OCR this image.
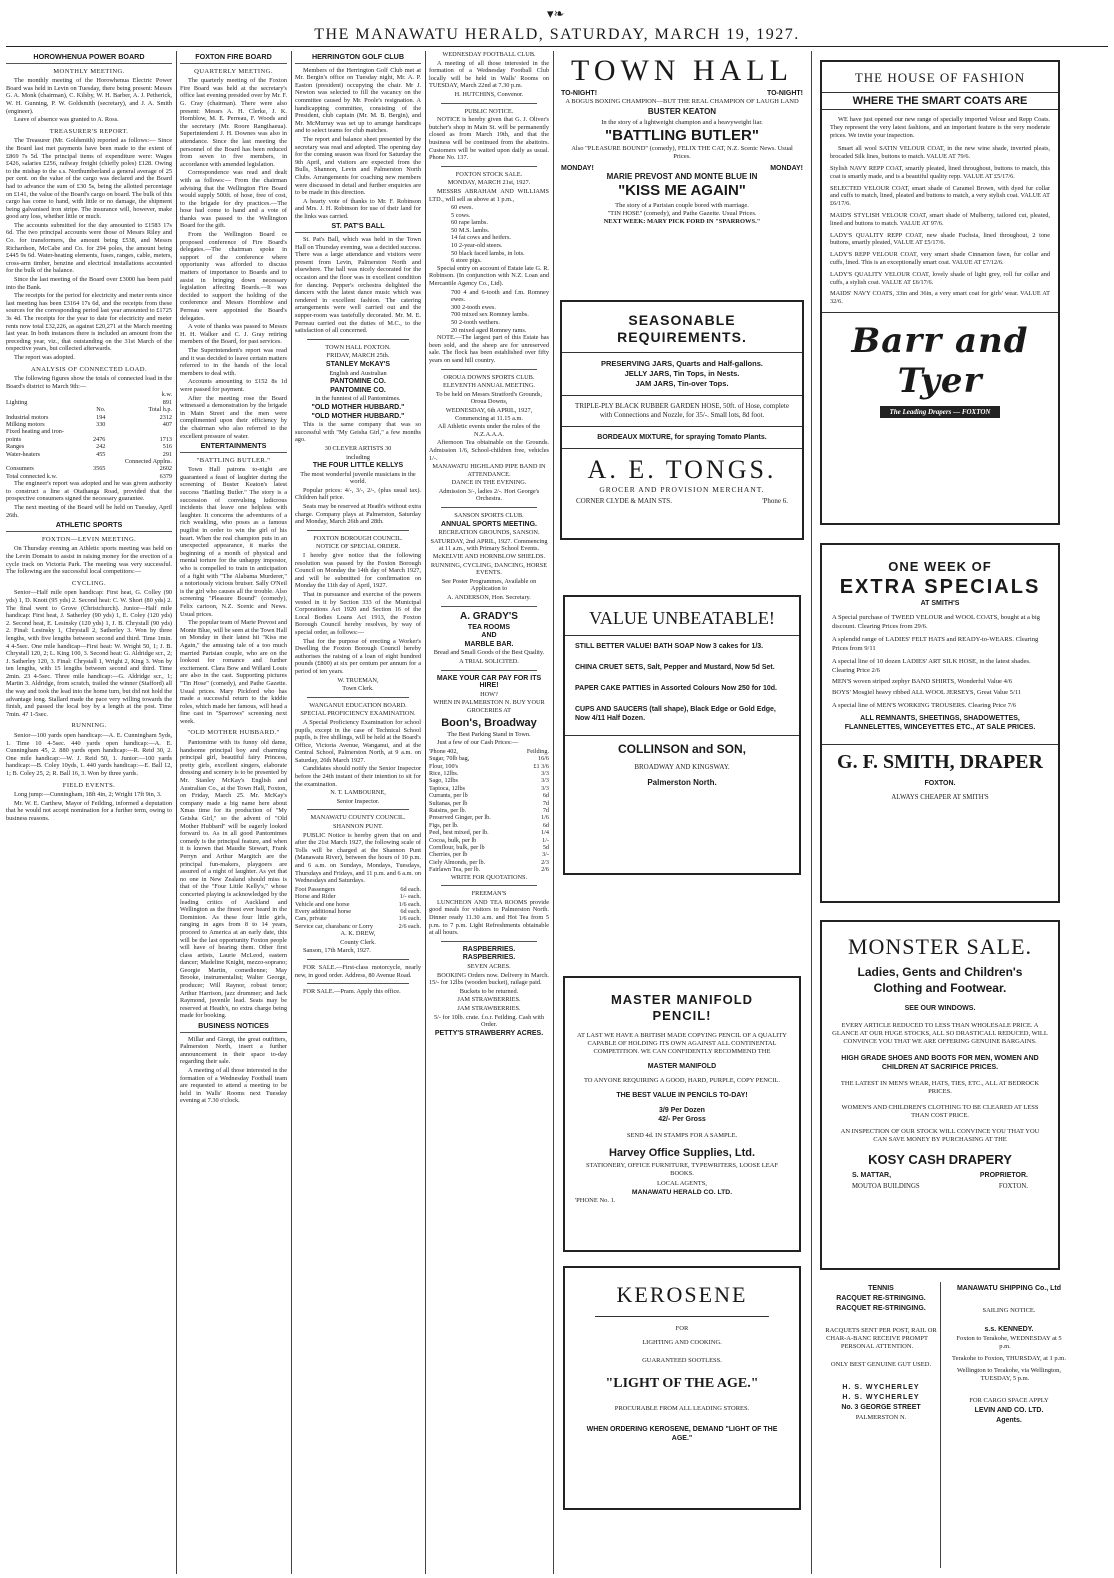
▾❧
THE MANAWATU HERALD, SATURDAY, MARCH 19, 1927.
HOROWHENUA POWER BOARD
MONTHLY MEETING.

The monthly meeting of the Horowhenua Electric Power Board was held in Levin on Tuesday, there being present: Messrs G. A. Monk (chairman), C. Kilsby, W. H. Barber, A. J. Petherick, W. H. Gunning, P. W. Goldsmith (secretary), and J. A. Smith (engineer).

Leave of absence was granted to A. Ross.

TREASURER'S REPORT.

The Treasurer (Mr. Goldsmith) reported as follows:— Since the Board last met payments have been made to the extent of £869 7s 5d. The principal items of expenditure were: Wages £426, salaries £256, railway freight (chiefly poles) £128. Owing to the mishap to the s.s. Northumberland a general average of 25 per cent. on the value of the cargo was declared and the Board had to advance the sum of £30 5s, being the allotted percentage on £141, the value of the Board's cargo on board. The bulk of this cargo has come to hand, with little or no damage, the shipment being galvanised iron stripe. The insurance will, however, make good any loss, whether little or much.

The accounts submitted for the day amounted to £1583 17s 6d. The two principal accounts were those of Messrs Riley and Co. for transformers, the amount being £538, and Messrs Richardson, McCabe and Co. for 294 poles, the amount being £445 9s 6d. Water-heating elements, fuses, ranges, cable, meters, cross-arm timber, benzine and electrical installations accounted for the bulk of the balance.

Since the last meeting of the Board over £3000 has been paid into the Bank.

The receipts for the period for electricity and meter rents since last meeting has been £3164 17s 6d, and the receipts from these sources for the corresponding period last year amounted to £1725 3s 4d. The receipts for the year to date for electricity and meter rents now total £32,226, as against £20,271 at the March meeting last year. In both instances there is included an amount from the preceding year, viz., that outstanding on the 31st March of the respective years, but collected afterwards.

The report was adopted.

ANALYSIS OF CONNECTED LOAD.

The following figures show the totals of connected load in the Board's district to March 9th:—

		k.w.
Lighting		891
	No.	Total h.p.
Industrial motors	194	2312
Milking motors	330	407
Fixed heating and iron-		
points	2476	1713
Ranges	242	516
Water-heaters	455	291
		Connected Applns.
Consumers	3565	2602
Total connected k.w.		6379

The engineer's report was adopted and he was given authority to construct a line at Otaihanga Road, provided that the prospective consumers signed the necessary guarantee.

The next meeting of the Board will be held on Tuesday, April 26th.

ATHLETIC SPORTS
FOXTON—LEVIN MEETING.

On Thursday evening an Athletic sports meeting was held on the Levin Domain to assist in raising money for the erection of a cycle track on Victoria Park. The meeting was very successful. The following are the successful local competitors:—

CYCLING.

Senior—Half mile open handicap: First heat, G. Colley (90 yds) 1, D. Knott (95 yds) 2. Second heat: C. W. Short (80 yds) 2. The final went to Grove (Christchurch). Junior—Half mile handicap: First heat, J. Satherley (90 yds) 1, E. Coley (120 yds) 2. Second heat, E. Lesinsky (120 yds) 1, J. B. Chrystall (90 yds) 2. Final: Lesinsky 1, Chrystall 2, Satherley 3. Won by three lengths, with five lengths between second and third. Time 1min. 4 4-5sec. One mile handicap—First heat: W. Wright 50, 1; J. B. Chrystall 120, 2; L. King 100, 3. Second heat: G. Aldridge scr., 2; J. Satherley 120, 3. Final: Chrystall 1, Wright 2, King 3. Won by ten lengths, with 15 lengths between second and third. Time 2min. 23 4-5sec. Three mile handicap:—G. Aldridge scr., 1; Martin 3. Aldridge, from scratch, trailed the winner (Stafford) all the way and took the lead into the home turn, but did not hold the advantage long. Stallard made the pace very willing towards the finish, and passed the local boy by a length at the post. Time 7min. 47 1-5sec.

RUNNING.

Senior—100 yards open handicap:—A. E. Cunningham 5yds, 1. Time 10 4-5sec. 440 yards open handicap:—A. E. Cunningham 45, 2. 880 yards open handicap:—R. Reid 30, 2. One mile handicap:—W. J. Reid 50, 1. Junior:—100 yards handicap:—B. Coley 10yds, 1. 440 yards handicap:—E. Ball 12, 1; B. Coley 25, 2; R. Ball 16, 3. Won by three yards.

FIELD EVENTS.

Long jump:—Cunningham, 18ft 4in, 2; Wright 17ft 9in, 3.

Mr. W. E. Carthew, Mayor of Feilding, informed a deputation that he would not accept nomination for a further term, owing to business reasons.

FOXTON FIRE BOARD
QUARTERLY MEETING.

The quarterly meeting of the Foxton Fire Board was held at the secretary's office last evening presided over by Mr. F. G. Cray (chairman). There were also present: Messrs A. H. Clerke, J. K. Hornblow, M. E. Perreau, F. Woods and the secretary (Mr. Roore Rangihaeua). Superintendent J. H. Downes was also in attendance. Since the last meeting the personnel of the Board has been reduced from seven to five members, in accordance with amended legislation.

Correspondence was read and dealt with as follows:— From the chairman advising that the Wellington Fire Board would supply 500ft. of hose, free of cost, to the brigade for dry practices.—The hose had come to hand and a vote of thanks was passed to the Wellington Board for the gift.

From the Wellington Board re proposed conference of Fire Board's delegates.—The chairman spoke in support of the conference where opportunity was afforded to discuss matters of importance to Boards and to assist in bringing down necessary legislation affecting Boards.—It was decided to support the holding of the conference and Messrs Hornblow and Perreau were appointed the Board's delegates.

A vote of thanks was passed to Messrs H. H. Walker and C. J. Gray retiring members of the Board, for past services.

The Superintendent's report was read and it was decided to leave certain matters referred to in the hands of the local members to deal with.

Accounts amounting to £152 8s 1d were passed for payment.

After the meeting rose the Board witnessed a demonstration by the brigade in Main Street and the men were complimented upon their efficiency by the chairman who also referred to the excellent pressure of water.

ENTERTAINMENTS
"BATTLING BUTLER."

Town Hall patrons to-night are guaranteed a feast of laughter during the screening of Buster Keaton's latest success "Battling Butler." The story is a succession of convulsing ludicrous incidents that leave one helpless with laughter. It concerns the adventures of a rich weakling, who poses as a famous pugilist in order to win the girl of his heart. When the real champion puts in an unexpected appearance, it marks the beginning of a month of physical and mental torture for the unhappy impostor, who is compelled to train in anticipation of a fight with "The Alabama Murderer," a notoriously vicious bruiser. Sally O'Neil is the girl who causes all the trouble. Also screening "Pleasure Bound" (comedy), Felix cartoon, N.Z. Scenic and News. Usual prices.

The popular team of Marie Prevost and Monte Blue, will be seen at the Town Hall on Monday in their latest hit "Kiss me Again," the amusing tale of a too much married Parisian couple, who are on the lookout for romance and further excitement. Clara Bow and Willard Louis are also in the cast. Supporting pictures "Tin Hose" (comedy), and Pathe Gazette. Usual prices. Mary Pickford who has made a successful return to the kiddie roles, which made her famous, will head a fine cast in "Sparrows" screening next week.

"OLD MOTHER HUBBARD."

Pantomime with its funny old dame, handsome principal boy and charming principal girl, beautiful fairy Princess, pretty girls, excellent singers, elaborate dressing and scenery is to be presented by Mr. Stanley McKay's English and Australian Co., at the Town Hall, Foxton, on Friday, March 25. Mr. McKay's company made a big name here about Xmas time for its production of "My Geisha Girl," so the advent of "Old Mother Hubbard" will be eagerly looked forward to. As in all good Pantomimes comedy is the principal feature, and when it is known that Maudie Stewart, Frank Perryn and Arthur Margitch are the principal fun-makers, playgoers are assured of a night of laughter. As yet that no one in New Zealand should miss is that of the "Four Little Kelly's," whose concerted playing is acknowledged by the leading critics of Auckland and Wellington as the finest ever heard in the Dominion. As these four little girls, ranging in ages from 8 to 14 years, proceed to America at an early date, this will be the last opportunity Foxton people will have of hearing them. Other first class artists, Laurie McLeod, eastern dancer; Madeline Knight, mezzo-soprano; Georgie Martin, comedienne; May Brooke, instrumentalist; Walter George, producer; Will Raynor, robust tenor; Arthur Harrison, jazz drummer; and Jack Raymond, juvenile lead. Seats may be reserved at Heath's, no extra charge being made for booking.

BUSINESS NOTICES

Millar and Giorgi, the great outfitters, Palmerston North, insert a further announcement in their space to-day regarding their sale.

A meeting of all those interested in the formation of a Wednesday Football team are requested to attend a meeting to be held in Walls' Rooms next Tuesday evening at 7.30 o'clock.

HERRINGTON GOLF CLUB

Members of the Herrington Golf Club met at Mr. Bergin's office on Tuesday night, Mr. A. P. Easton (president) occupying the chair. Mr J. Newton was selected to fill the vacancy on the committee caused by Mr. Poole's resignation. A handicapping committee, consisting of the President, club captain (Mr. M. B. Bergin), and Mr. McMurray was set up to arrange handicaps and to select teams for club matches.

The report and balance sheet presented by the secretary was read and adopted. The opening day for the coming season was fixed for Saturday the 9th April, and visitors are expected from the Bulls, Shannon, Levin and Palmerston North Clubs. Arrangements for coaching new members were discussed in detail and further enquiries are to be made in this direction.

A hearty vote of thanks to Mr. F. Robinson and Mrs. J. H. Robinson for use of their land for the links was carried.

ST. PAT'S BALL

St. Pat's Ball, which was held in the Town Hall on Thursday evening, was a decided success. There was a large attendance and visitors were present from Levin, Palmerston North and elsewhere. The hall was nicely decorated for the occasion and the floor was in excellent condition for dancing. Pepper's orchestra delighted the dancers with the latest dance music which was rendered in excellent fashion. The catering arrangements were well carried out and the supper-room was tastefully decorated. Mr. M. E. Perreau carried out the duties of M.C., to the satisfaction of all concerned.

TOWN HALL FOXTON.

FRIDAY, MARCH 25th.

STANLEY McKAY'S

English and Australian

PANTOMINE CO.

PANTOMINE CO.

in the funniest of all Pantomimes.

"OLD MOTHER HUBBARD."

"OLD MOTHER HUBBARD."

This is the same company that was so successful with "My Geisha Girl," a few months ago.

30 CLEVER ARTISTS 30

including

THE FOUR LITTLE KELLYS

The most wonderful juvenile musicians in the world.

Popular prices: 4/-, 3/-, 2/-, (plus usual tax). Children half price.

Seats may be reserved at Heath's without extra charge. Company plays at Palmerston, Saturday and Monday, March 26th and 28th.

FOXTON BOROUGH COUNCIL.

NOTICE OF SPECIAL ORDER.

I hereby give notice that the following resolution was passed by the Foxton Borough Council on Monday the 14th day of March 1927, and will be submitted for confirmation on Monday the 11th day of April, 1927.

That in pursuance and exercise of the powers vested in it by Section 333 of the Municipal Corporations Act 1920 and Section 16 of the Local Bodies Loans Act 1913, the Foxton Borough Council hereby resolves, by way of special order, as follows:—

That for the purpose of erecting a Worker's Dwelling the Foxton Borough Council hereby authorises the raising of a loan of eight hundred pounds (£800) at six per centum per annum for a period of ten years.

W. TRUEMAN,

Town Clerk.

WANGANUI EDUCATION BOARD.

SPECIAL PROFICIENCY EXAMINATION.

A Special Proficiency Examination for school pupils, except in the case of Technical School pupils, is five shillings, will be held at the Board's Office, Victoria Avenue, Wanganui, and at the Central School, Palmerston North, at 9 a.m. on Saturday, 26th March 1927.

Candidates should notify the Senior Inspector before the 24th instant of their intention to sit for the examination.

N. T. LAMBOURNE,

Senior Inspector.

MANAWATU COUNTY COUNCIL.

SHANNON PUNT.

PUBLIC Notice is hereby given that on and after the 21st March 1927, the following scale of Tolls will be charged at the Shannon Punt (Manawatu River), between the hours of 10 p.m. and 6 a.m. on Sundays, Mondays, Tuesdays, Thursdays and Fridays, and 11 p.m. and 6 a.m. on Wednesdays and Saturdays.

Foot Passengers	6d each.
Horse and Rider	1/- each.
Vehicle and one horse	1/6 each.
Every additional horse	6d each.
Cars, private	1/6 each.
Service car, charabanc or Lorry	2/6 each.

A. K. DREW,

County Clerk.

Sanson, 17th March, 1927.

FOR SALE.—First-class motorcycle, nearly new, in good order. Address, 80 Avenue Road.

FOR SALE.—Pram. Apply this office.

WEDNESDAY FOOTBALL CLUB.

A meeting of all those interested in the formation of a Wednesday Football Club locally will be held in Walls' Rooms on TUESDAY, March 22nd at 7.30 p.m.

H. HUTCHINS, Convenor.

PUBLIC NOTICE.

NOTICE is hereby given that G. J. Oliver's butcher's shop in Main St. will be permanently closed as from March 19th, and that the business will be continued from the abattoirs. Customers will be waited upon daily as usual. Phone No. 137.

FOXTON STOCK SALE.

MONDAY, MARCH 21st, 1927.

MESSRS ABRAHAM AND WILLIAMS LTD., will sell as above at 1 p.m.,

60 ewes.

5 cows.

60 rape lambs.

50 M.S. lambs.

14 fat cows and heifers.

10 2-year-old steers.

50 black faced lambs, in lots.

6 store pigs.

Special entry on account of Estate late G. R. Robinson. (In conjunction with N.Z. Loan and Mercantile Agency Co., Ltd).

700 4 and 6-tooth and f.m. Romney ewes.

300 2-tooth ewes.

700 mixed sex Romney lambs.

50 2-tooth wethers.

20 mixed aged Romney rams.

NOTE.—The largest part of this Estate has been sold, and the sheep are for unreserved sale. The flock has been established over fifty years on sand hill country.

OROUA DOWNS SPORTS CLUB.

ELEVENTH ANNUAL MEETING.

To be held on Messrs Stratford's Grounds, Oroua Downs,

WEDNESDAY, 6th APRIL, 1927, Commencing at 11.15 a.m.

All Athletic events under the rules of the N.Z.A.A.A.

Afternoon Tea obtainable on the Grounds. Admission 1/6, School-children free, vehicles 1/-.

MANAWATU HIGHLAND PIPE BAND IN ATTENDANCE.

DANCE IN THE EVENING.

Admission 3/-, ladies 2/-. Hori George's Orchestra.

SANSON SPORTS CLUB.

ANNUAL SPORTS MEETING.

RECREATION GROUNDS, SANSON.

SATURDAY, 2nd APRIL, 1927. Commencing at 11 a.m., with Primary School Events. McKELVIE AND HORNBLOW SHIELDS.

RUNNING, CYCLING, DANCING, HORSE EVENTS.

See Poster Programmes, Available on Application to

A. ANDERSON, Hon. Secretary.

A. GRADY'S

TEA ROOMS

AND

MARBLE BAR.

Bread and Small Goods of the Best Quality.

A TRIAL SOLICITED.

MAKE YOUR CAR PAY FOR ITS HIRE!

HOW?

WHEN IN PALMERSTON N. BUY YOUR GROCERIES AT

Boon's, Broadway

The Best Parking Stand in Town.

Just a few of our Cash Prices:—

'Phone 402,	Feilding.
Sugar, 70lb bag,	16/6
Flour, 100's	£1 3/6
Rice, 12lbs.	3/3
Sago, 12lbs	3/3
Tapioca, 12lbs	3/3
Currants, per lb	6d
Sultanas, per lb	7d
Raisins, per lb.	7d
Preserved Ginger, per lb.	1/6
Figs, per lb.	6d
Peel, best mixed, per lb.	1/4
Cocoa, bulk, per lb	1/-
Cornflour, bulk, per lb	5d
Cherries, per lb	3/-
Ciely Almonds, per lb.	2/3
Fairlawn Tea, per lb.	2/6

WRITE FOR QUOTATIONS.

FREEMAN'S

LUNCHEON AND TEA ROOMS provide good meals for visitors to Palmerston North. Dinner ready 11.30 a.m. and Hot Tea from 5 p.m. to 7 p.m. Light Refreshments obtainable at all hours.

RASPBERRIES.

RASPBERRIES.

SEVEN ACRES.

BOOKING Orders now. Delivery in March. 15/- for 12lbs (wooden bucket), railage paid.

Buckets to be returned.

JAM STRAWBERRIES.

JAM STRAWBERRIES.

5/- for 10lb. crate. f.o.r. Feilding. Cash with Order.

PETTY'S STRAWBERRY ACRES.

TOWN HALL
TO-NIGHT!	TO-NIGHT!

A BOGUS BOXING CHAMPION—BUT THE REAL CHAMPION OF LAUGH LAND

BUSTER KEATON

In the story of a lightweight champion and a heavyweight liar.

"BATTLING BUTLER"

Also "PLEASURE BOUND" (comedy), FELIX THE CAT, N.Z. Scenic News. Usual Prices.

MONDAY!	MONDAY!

MARIE PREVOST AND MONTE BLUE IN

"KISS ME AGAIN"

The story of a Parisian couple bored with marriage.

"TIN HOSE" (comedy), and Pathe Gazette. Usual Prices.

NEXT WEEK: MARY PICK FORD IN "SPARROWS."

SEASONABLE

REQUIREMENTS.

PRESERVING JARS, Quarts and Half-gallons.

JELLY JARS, Tin Tops, in Nests.

JAM JARS, Tin-over Tops.

TRIPLE-PLY BLACK RUBBER GARDEN HOSE, 50ft. of Hose, complete with Connections and Nozzle, for 35/-. Small lots, 8d foot.

BORDEAUX MIXTURE, for spraying Tomato Plants.

A. E. TONGS.

GROCER AND PROVISION MERCHANT.

CORNER CLYDE & MAIN STS.	'Phone 6.

VALUE UNBEATABLE!

STILL BETTER VALUE! BATH SOAP Now 3 cakes for 1/3.

CHINA CRUET SETS, Salt, Pepper and Mustard, Now 5d Set.

PAPER CAKE PATTIES in Assorted Colours Now 250 for 10d.

CUPS AND SAUCERS (tall shape), Black Edge or Gold Edge, Now 4/11 Half Dozen.

COLLINSON and SON,

BROADWAY AND KINGSWAY.

Palmerston North.

MASTER MANIFOLD

PENCIL!

AT LAST WE HAVE A BRITISH MADE COPYING PENCIL OF A QUALITY CAPABLE OF HOLDING ITS OWN AGAINST ALL CONTINENTAL COMPETITION. WE CAN CONFIDENTLY RECOMMEND THE

MASTER MANIFOLD

TO ANYONE REQUIRING A GOOD, HARD, PURPLE, COPY PENCIL.

THE BEST VALUE IN PENCILS TO-DAY!

3/9 Per Dozen

42/- Per Gross

SEND 4d. IN STAMPS FOR A SAMPLE.

Harvey Office Supplies, Ltd.

STATIONERY, OFFICE FURNITURE, TYPEWRITERS, LOOSE LEAF BOOKS.

LOCAL AGENTS,

MANAWATU HERALD CO. LTD.

'PHONE No. 1.

KEROSENE

FOR

LIGHTING AND COOKING.

GUARANTEED SOOTLESS.

"LIGHT OF THE AGE."

PROCURABLE FROM ALL LEADING STORES.

WHEN ORDERING KEROSENE, DEMAND "LIGHT OF THE AGE."

THE HOUSE OF FASHION

WHERE THE SMART COATS ARE

WE have just opened our new range of specially imported Velour and Repp Coats. They represent the very latest fashions, and an important feature is the very moderate prices. We invite your inspection.

Smart all wool SATIN VELOUR COAT, in the new wine shade, inverted pleats, brocaded Silk lines, buttons to match. VALUE AT 79/6.

Stylish NAVY REPP COAT, smartly pleated, lined throughout, buttons to match, this coat is smartly made, and is a beautiful quality repp. VALUE AT £5/17/6.

SELECTED VELOUR COAT, smart shade of Caramel Brown, with dyed fur collar and cuffs to match, lined, pleated and buttons to match, a very stylish coat. VALUE AT £6/17/6.

MAID'S STYLISH VELOUR COAT, smart shade of Mulberry, tailored cut, pleated, lined and buttons to match. VALUE AT 97/6.

LADY'S QUALITY REPP COAT, new shade Fuchsia, lined throughout, 2 tone buttons, smartly pleated, VALUE AT £5/17/6.

LADY'S REPP VELOUR COAT, very smart shade Cinnamon fawn, fur collar and cuffs, lined. This is an exceptionally smart coat. VALUE AT £7/12/6.

LADY'S QUALITY VELOUR COAT, lovely shade of light grey, roll fur collar and cuffs, a stylish coat. VALUE AT £6/17/6.

MAIDS' NAVY COATS, 33in and 36in, a very smart coat for girls' wear. VALUE AT 32/6.

Barr and Tyer
The Leading Drapers — FOXTON

ONE WEEK OF

EXTRA SPECIALS

AT SMITH'S

A Special purchase of TWEED VELOUR and WOOL COATS, bought at a big discount. Clearing Prices from 29/6.

A splendid range of LADIES' FELT HATS and READY-to-WEARS. Clearing Prices from 9/11

A special line of 10 dozen LADIES' ART SILK HOSE, in the latest shades. Clearing Price 2/6

MEN'S woven striped zephyr BAND SHIRTS, Wonderful Value 4/6

BOYS' Mosgiel heavy ribbed ALL WOOL JERSEYS, Great Value 5/11

A special line of MEN'S WORKING TROUSERS. Clearing Price 7/6

ALL REMNANTS, SHEETINGS, SHADOWETTES, FLANNELETTES, WINCEYETTES ETC., AT SALE PRICES.

G. F. SMITH, DRAPER

FOXTON.

ALWAYS CHEAPER AT SMITH'S

MONSTER SALE.

Ladies, Gents and Children's

Clothing and Footwear.

SEE OUR WINDOWS.

EVERY ARTICLE REDUCED TO LESS THAN WHOLESALE PRICE. A GLANCE AT OUR HUGE STOCKS, ALL SO DRASTICALL REDUCED, WILL CONVINCE YOU THAT WE ARE OFFERING GENUINE BARGAINS.

HIGH GRADE SHOES AND BOOTS FOR MEN, WOMEN AND CHILDREN AT SACRIFICE PRICES.

THE LATEST IN MEN'S WEAR, HATS, TIES, ETC., ALL AT BEDROCK PRICES.

WOMEN'S AND CHILDREN'S CLOTHING TO BE CLEARED AT LESS THAN COST PRICE.

AN INSPECTION OF OUR STOCK WILL CONVINCE YOU THAT YOU CAN SAVE MONEY BY PURCHASING AT THE

KOSY CASH DRAPERY

S. MATTAR,	PROPRIETOR.
MOUTOA BUILDINGS	FOXTON.

TENNIS

RACQUET RE-STRINGING.

RACQUET RE-STRINGING.

RACQUETS SENT PER POST, RAIL OR CHAR-A-BANC RECEIVE PROMPT PERSONAL ATTENTION.

ONLY BEST GENUINE GUT USED.

H. S. WYCHERLEY

H. S. WYCHERLEY

No. 3 GEORGE STREET

PALMERSTON N.

MANAWATU SHIPPING Co., Ltd

SAILING NOTICE.

s.s. KENNEDY.

Foxton to Terakohe, WEDNESDAY at 5 p.m.

Terakohe to Foxton, THURSDAY, at 1 p.m.

Wellington to Terakohe, via Wellington, TUESDAY, 5 p.m.

FOR CARGO SPACE APPLY

LEVIN AND CO. LTD.

Agents.
